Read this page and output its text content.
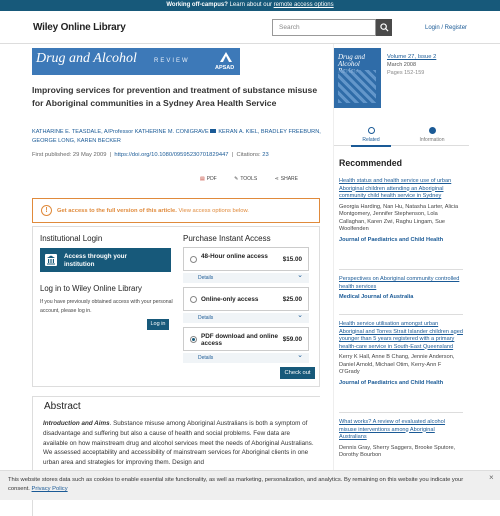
Working off-campus? Learn about our remote access options
Wiley Online Library	Search	Login / Register
Drug and Alcohol	REVIEW
APSAD
Improving services for prevention and treatment of substance misuse for Aboriginal communities in a Sydney Area Health Service
KATHARINE E. TEASDALE, A/Professor KATHERINE M. CONIGRAVE KERAN A. KIEL, BRADLEY FREEBURN, GEORGE LONG, KAREN BECKER
First published: 29 May 2009  |  https://doi.org/10.1080/09595230701829447  |  Citations: 23
▤ PDF	✎ TOOLS	⋖ SHARE
!	Get access to the full version of this article. View access options below.
Institutional Login
Access through your
institution
Log in to Wiley Online Library
If you have previously obtained access with your personal account, please log in.
Log in
Purchase Instant Access
48-Hour online access	$15.00
Details ⌄
Online-only access	$25.00
Details ⌄
PDF download and online access
$59.00
Details ⌄
Check out
Abstract
Introduction and Aims. Substance misuse among Aboriginal Australians is both a symptom of disadvantage and suffering but also a cause of health and social problems. Few data are available on how mainstream drug and alcohol services meet the needs of Aboriginal Australians. We assessed acceptability and accessibility of mainstream services for Aboriginal clients in one urban area and strategies for improving them. Design and
Drug and Alcohol
Volume 27, Issue 2
March 2008
Pages 152-159
Related	Information
Recommended
Health status and health service use of urban Aboriginal children attending an Aboriginal community child health service in Sydney
Georgia Harding, Nan Hu, Natasha Larter, Alicia Montgomery, Jennifer Stephenson, Lola Callaghan, Karen Zwi, Raghu Lingam, Sue Woolfenden
Journal of Paediatrics and Child Health
Perspectives on Aboriginal community controlled health services
Medical Journal of Australia
Health service utilisation amongst urban Aboriginal and Torres Strait Islander children aged younger than 5 years registered with a primary health-care service in South-East Queensland
Kerry K Hall, Anne B Chang, Jennie Anderson, Daniel Arnold, Michael Otim, Kerry-Ann F O'Grady
Journal of Paediatrics and Child Health
What works? A review of evaluated alcohol misuse interventions among Aboriginal Australians
Dennis Gray, Sherry Saggers, Brooke Sputore, Dorothy Bourbon
This website stores data such as cookies to enable essential site functionality, as well as marketing, personalization, and analytics. By remaining on this website you indicate your consent. Privacy Policy
×
